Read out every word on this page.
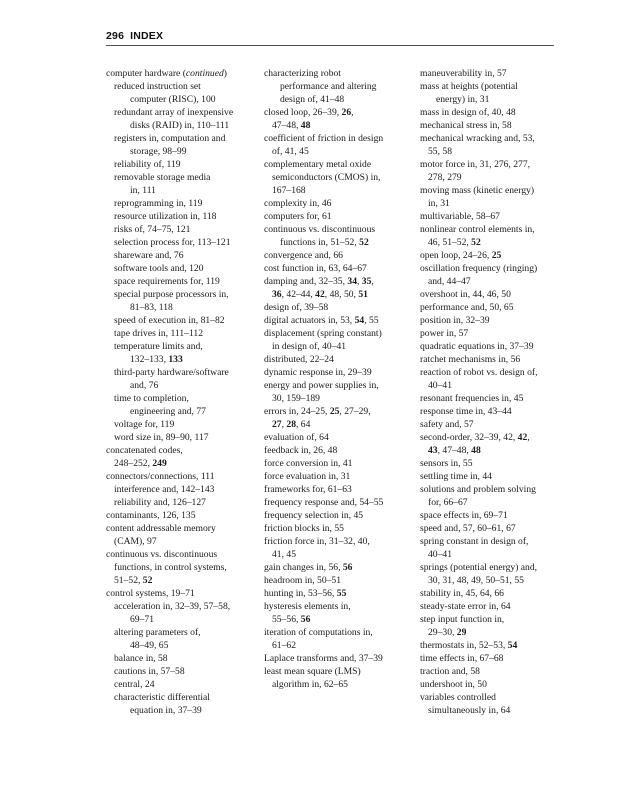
296 INDEX
computer hardware (continued)
reduced instruction set
computer (RISC), 100
redundant array of inexpensive
disks (RAID) in, 110–111
registers in, computation and
storage, 98–99
reliability of, 119
removable storage media
in, 111
reprogramming in, 119
resource utilization in, 118
risks of, 74–75, 121
selection process for, 113–121
shareware and, 76
software tools and, 120
space requirements for, 119
special purpose processors in,
81–83, 118
speed of execution in, 81–82
tape drives in, 111–112
temperature limits and,
132–133, 133
third-party hardware/software
and, 76
time to completion,
engineering and, 77
voltage for, 119
word size in, 89–90, 117
concatenated codes,
248–252, 249
connectors/connections, 111
interference and, 142–143
reliability and, 126–127
contaminants, 126, 135
content addressable memory
(CAM), 97
continuous vs. discontinuous
functions, in control systems,
51–52, 52
control systems, 19–71
acceleration in, 32–39, 57–58,
69–71
altering parameters of,
48–49, 65
balance in, 58
cautions in, 57–58
central, 24
characteristic differential
equation in, 37–39
characterizing robot
performance and altering
design of, 41–48
closed loop, 26–39, 26,
47–48, 48
coefficient of friction in design
of, 41, 45
complementary metal oxide
semiconductors (CMOS) in,
167–168
complexity in, 46
computers for, 61
continuous vs. discontinuous
functions in, 51–52, 52
convergence and, 66
cost function in, 63, 64–67
damping and, 32–35, 34, 35,
36, 42–44, 42, 48, 50, 51
design of, 39–58
digital actuators in, 53, 54, 55
displacement (spring constant)
in design of, 40–41
distributed, 22–24
dynamic response in, 29–39
energy and power supplies in,
30, 159–189
errors in, 24–25, 25, 27–29,
27, 28, 64
evaluation of, 64
feedback in, 26, 48
force conversion in, 41
force evaluation in, 31
frameworks for, 61–63
frequency response and, 54–55
frequency selection in, 45
friction blocks in, 55
friction force in, 31–32, 40,
41, 45
gain changes in, 56, 56
headroom in, 50–51
hunting in, 53–56, 55
hysteresis elements in,
55–56, 56
iteration of computations in,
61–62
Laplace transforms and, 37–39
least mean square (LMS)
algorithm in, 62–65
maneuverability in, 57
mass at heights (potential
energy) in, 31
mass in design of, 40, 48
mechanical stress in, 58
mechanical wracking and, 53,
55, 58
motor force in, 31, 276, 277,
278, 279
moving mass (kinetic energy)
in, 31
multivariable, 58–67
nonlinear control elements in,
46, 51–52, 52
open loop, 24–26, 25
oscillation frequency (ringing)
and, 44–47
overshoot in, 44, 46, 50
performance and, 50, 65
position in, 32–39
power in, 57
quadratic equations in, 37–39
ratchet mechanisms in, 56
reaction of robot vs. design of,
40–41
resonant frequencies in, 45
response time in, 43–44
safety and, 57
second-order, 32–39, 42, 42,
43, 47–48, 48
sensors in, 55
settling time in, 44
solutions and problem solving
for, 66–67
space effects in, 69–71
speed and, 57, 60–61, 67
spring constant in design of,
40–41
springs (potential energy) and,
30, 31, 48, 49, 50–51, 55
stability in, 45, 64, 66
steady-state error in, 64
step input function in,
29–30, 29
thermostats in, 52–53, 54
time effects in, 67–68
traction and, 58
undershoot in, 50
variables controlled
simultaneously in, 64
